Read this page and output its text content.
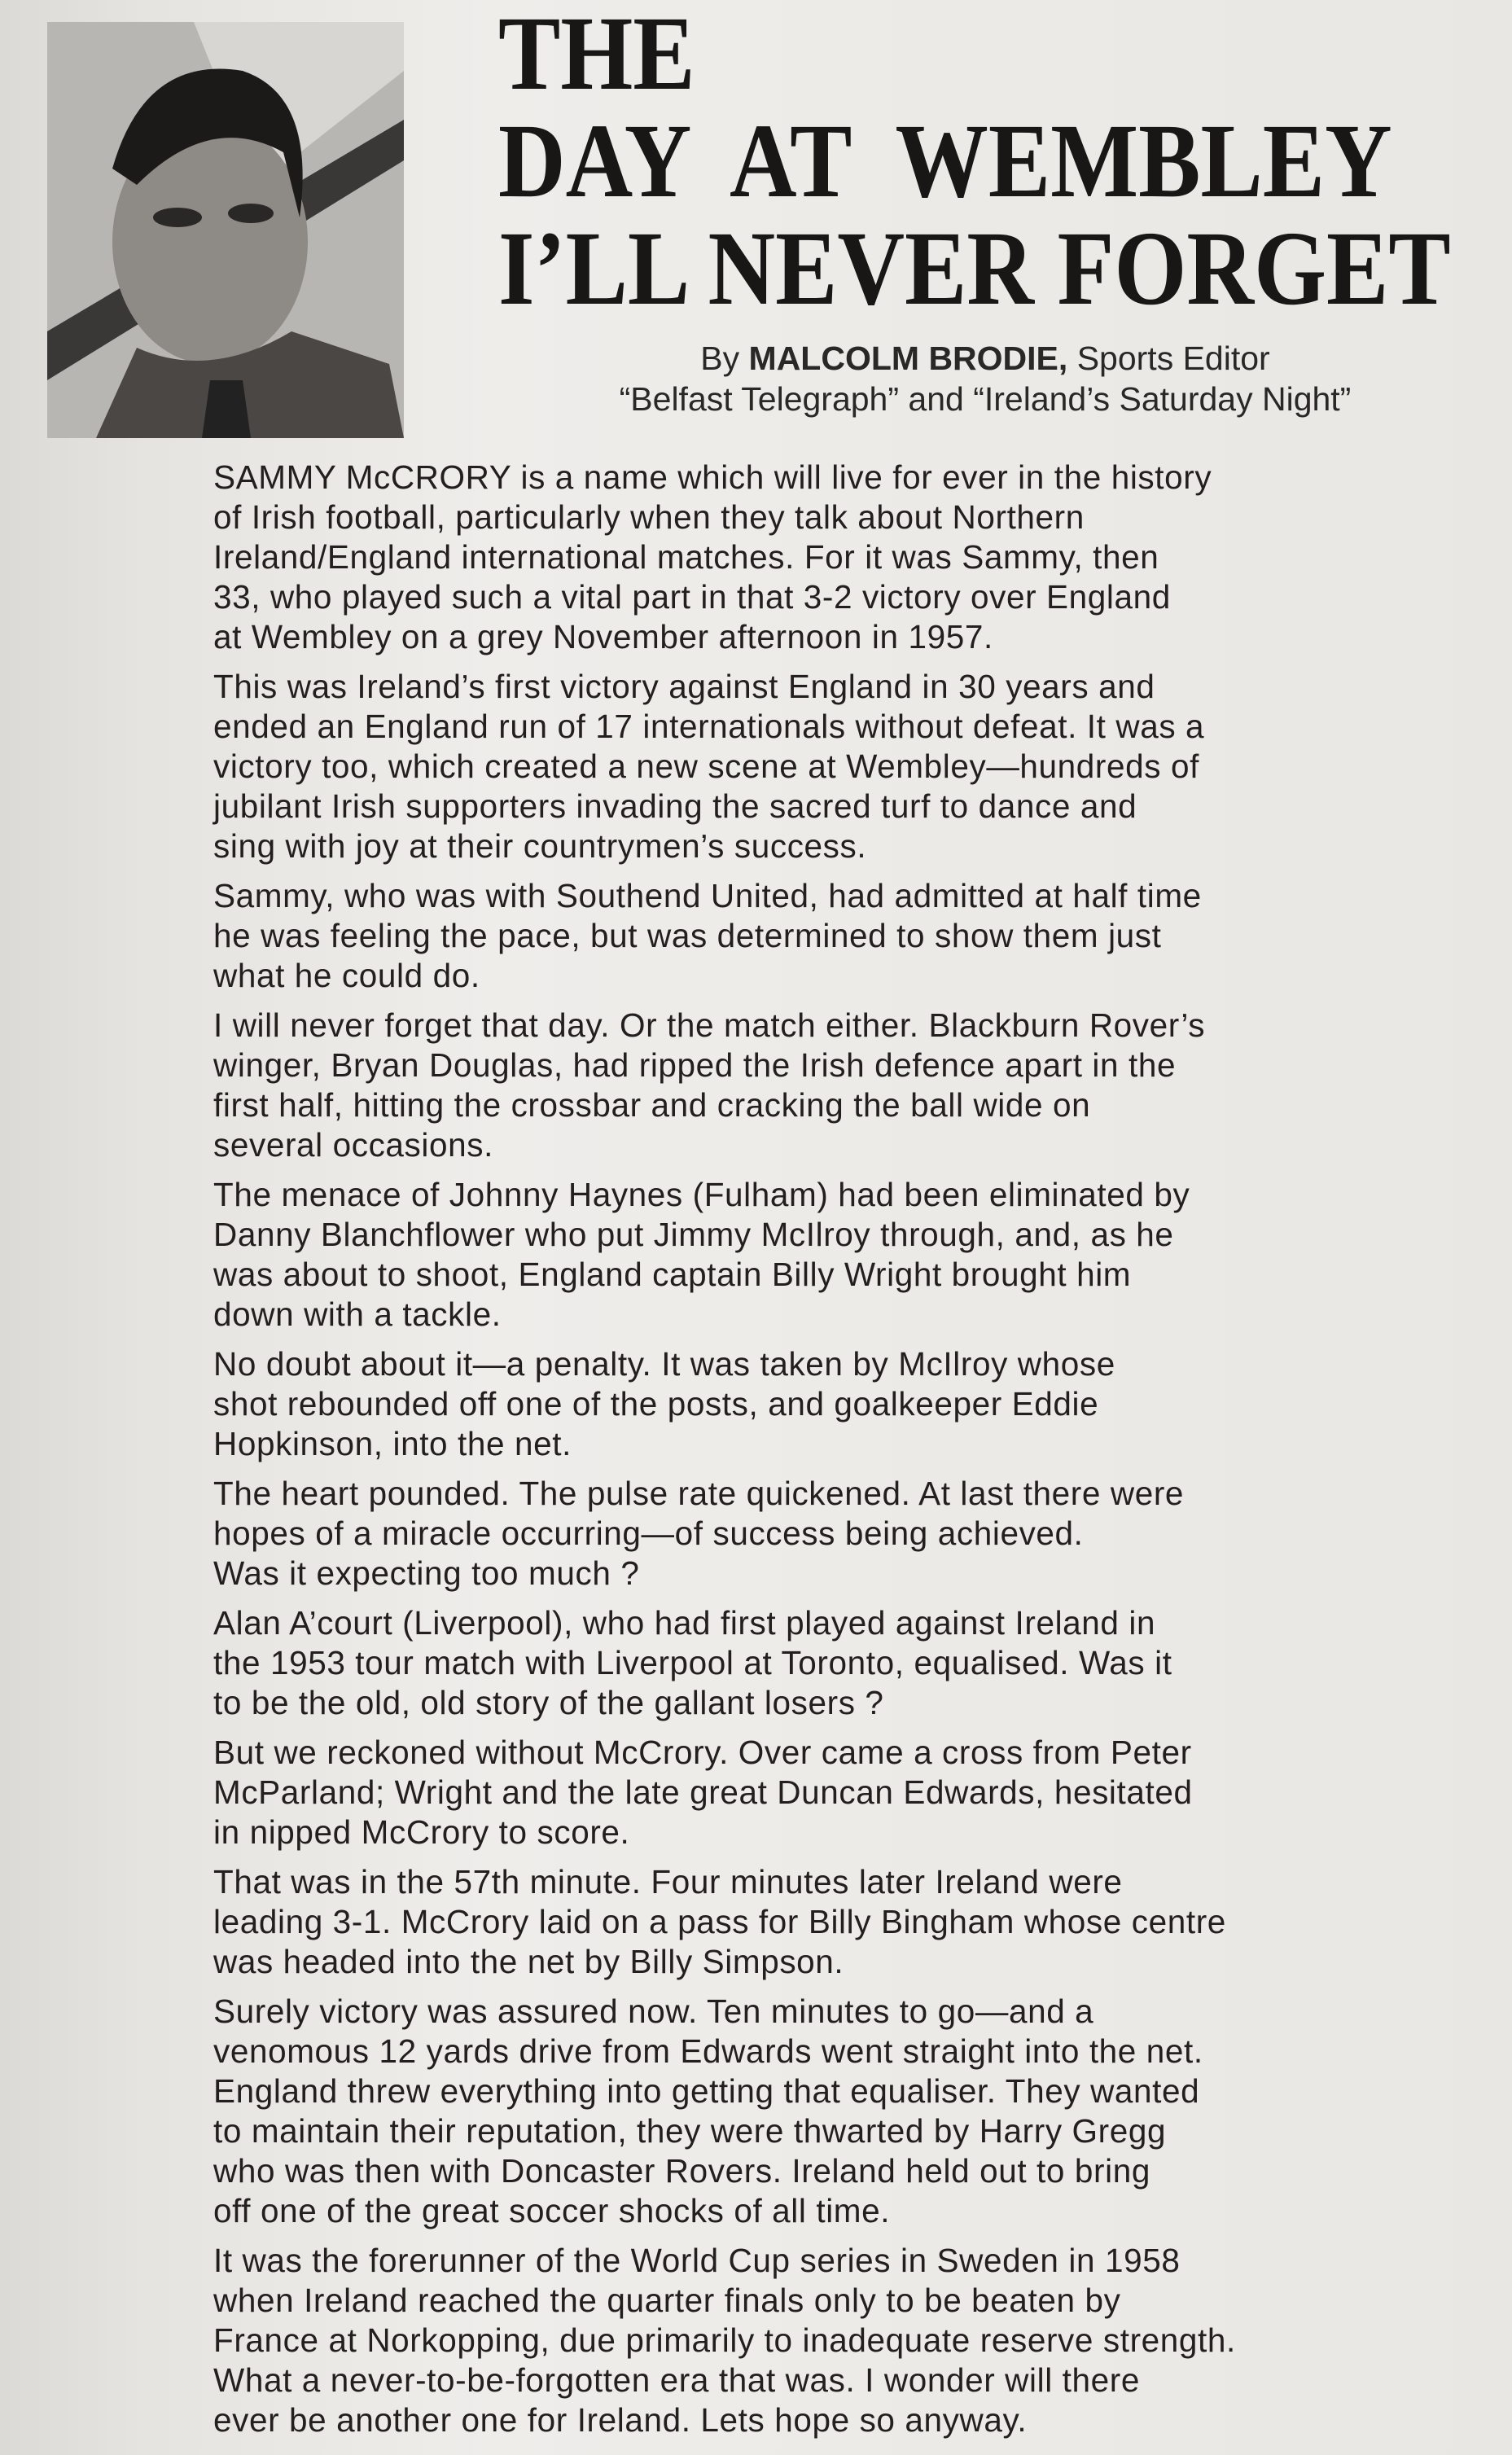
THE
DAY  AT  WEMBLEY
I’LL NEVER FORGET
By MALCOLM BRODIE, Sports Editor
“Belfast Telegraph” and “Ireland’s Saturday Night”
SAMMY McCRORY is a name which will live for ever in the history
of Irish football, particularly when they talk about Northern
Ireland/England international matches. For it was Sammy, then
33, who played such a vital part in that 3-2 victory over England
at Wembley on a grey November afternoon in 1957.
This was Ireland’s first victory against England in 30 years and
ended an England run of 17 internationals without defeat. It was a
victory too, which created a new scene at Wembley—hundreds of
jubilant Irish supporters invading the sacred turf to dance and
sing with joy at their countrymen’s success.
Sammy, who was with Southend United, had admitted at half time
he was feeling the pace, but was determined to show them just
what he could do.
I will never forget that day. Or the match either. Blackburn Rover’s
winger, Bryan Douglas, had ripped the Irish defence apart in the
first half, hitting the crossbar and cracking the ball wide on
several occasions.
The menace of Johnny Haynes (Fulham) had been eliminated by
Danny Blanchflower who put Jimmy McIlroy through, and, as he
was about to shoot, England captain Billy Wright brought him
down with a tackle.
No doubt about it—a penalty. It was taken by McIlroy whose
shot rebounded off one of the posts, and goalkeeper Eddie
Hopkinson, into the net.
The heart pounded. The pulse rate quickened. At last there were
hopes of a miracle occurring—of success being achieved.
Was it expecting too much ?
Alan A’court (Liverpool), who had first played against Ireland in
the 1953 tour match with Liverpool at Toronto, equalised. Was it
to be the old, old story of the gallant losers ?
But we reckoned without McCrory. Over came a cross from Peter
McParland; Wright and the late great Duncan Edwards, hesitated
in nipped McCrory to score.
That was in the 57th minute. Four minutes later Ireland were
leading 3-1. McCrory laid on a pass for Billy Bingham whose centre
was headed into the net by Billy Simpson.
Surely victory was assured now. Ten minutes to go—and a
venomous 12 yards drive from Edwards went straight into the net.
England threw everything into getting that equaliser. They wanted
to maintain their reputation, they were thwarted by Harry Gregg
who was then with Doncaster Rovers. Ireland held out to bring
off one of the great soccer shocks of all time.
It was the forerunner of the World Cup series in Sweden in 1958
when Ireland reached the quarter finals only to be beaten by
France at Norkopping, due primarily to inadequate reserve strength.
What a never-to-be-forgotten era that was. I wonder will there
ever be another one for Ireland. Lets hope so anyway.
